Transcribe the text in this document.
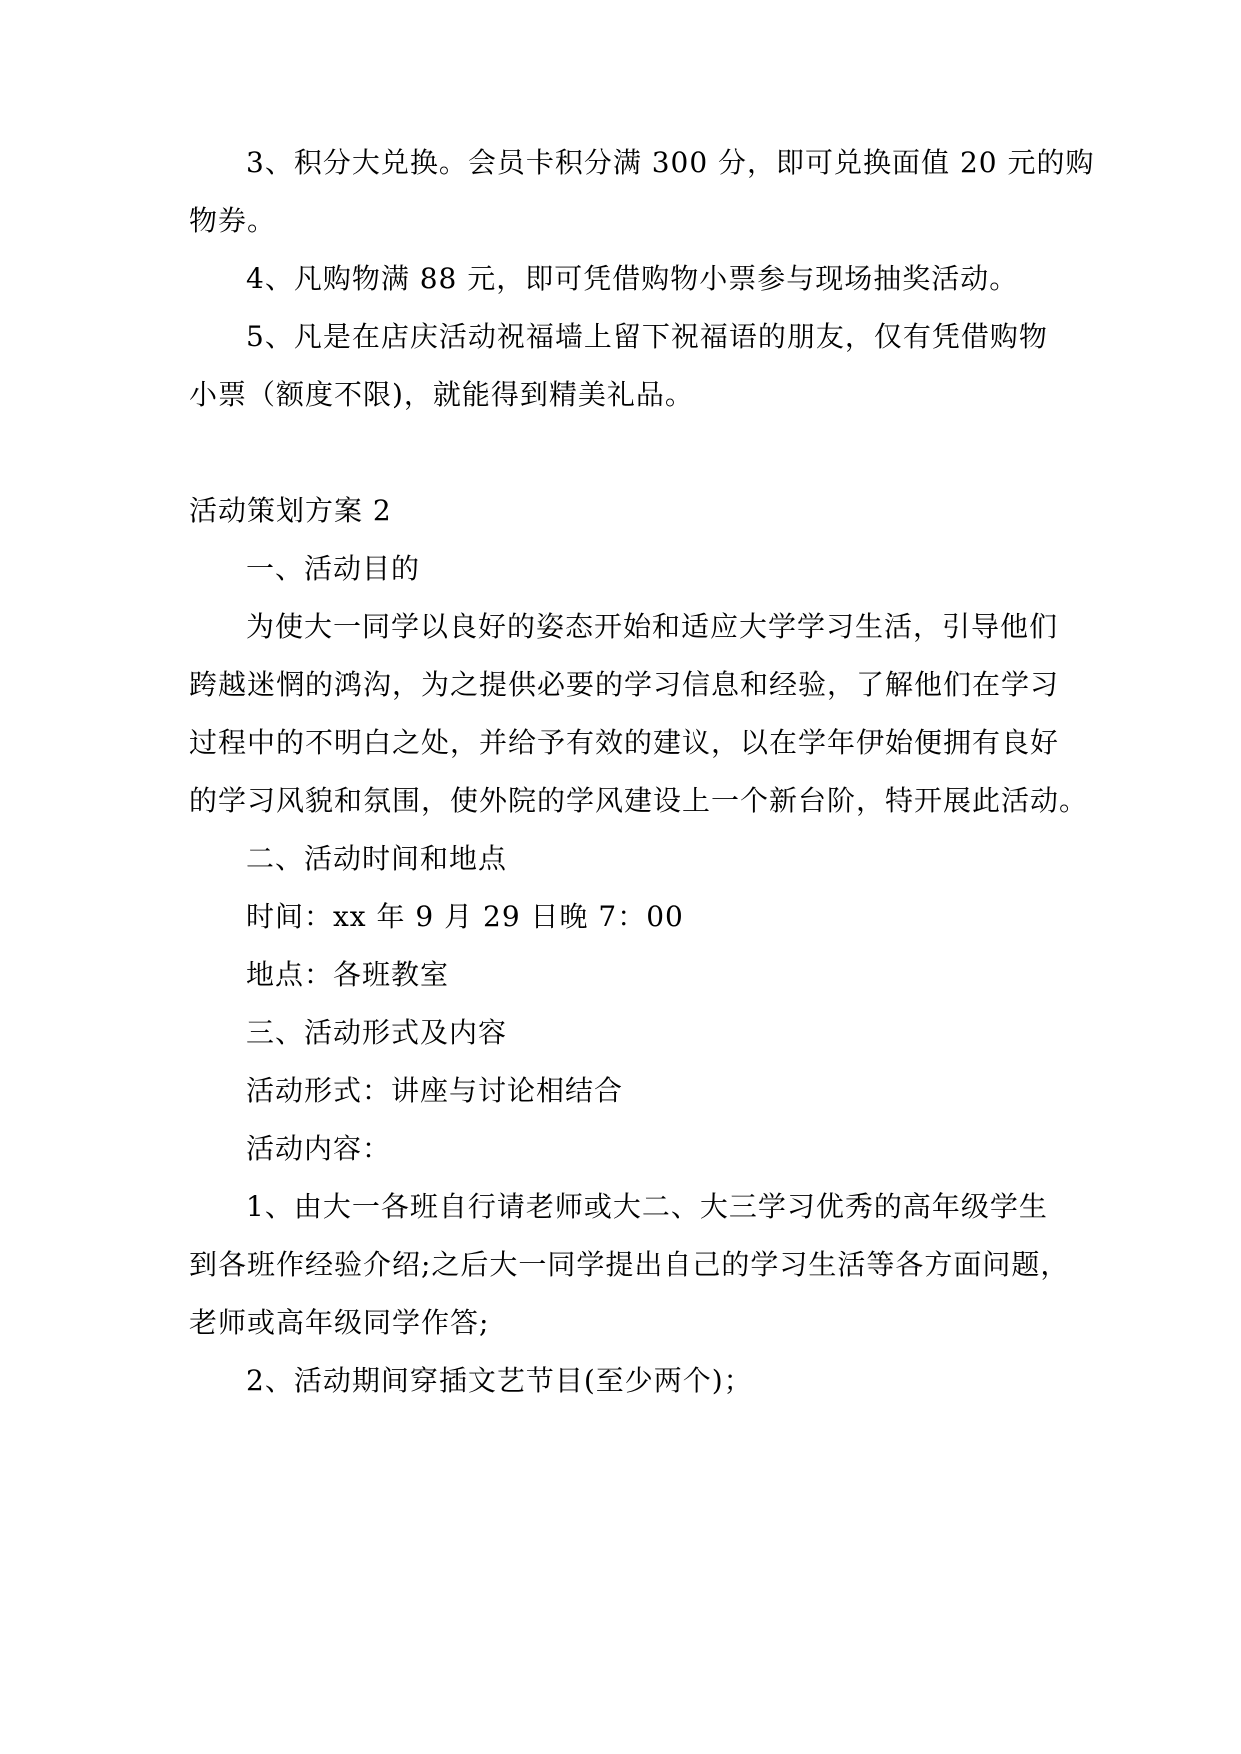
3、积分大兑换。会员卡积分满 300 分，即可兑换面值 20 元的购
物券。
4、凡购物满 88 元，即可凭借购物小票参与现场抽奖活动。
5、凡是在店庆活动祝福墙上留下祝福语的朋友，仅有凭借购物
小票（额度不限)，就能得到精美礼品。
活动策划方案 2
一、活动目的
为使大一同学以良好的姿态开始和适应大学学习生活，引导他们
跨越迷惘的鸿沟，为之提供必要的学习信息和经验，了解他们在学习
过程中的不明白之处，并给予有效的建议，以在学年伊始便拥有良好
的学习风貌和氛围，使外院的学风建设上一个新台阶，特开展此活动。
二、活动时间和地点
时间：xx 年 9 月 29 日晚 7：00
地点：各班教室
三、活动形式及内容
活动形式：讲座与讨论相结合
活动内容：
1、由大一各班自行请老师或大二、大三学习优秀的高年级学生
到各班作经验介绍;之后大一同学提出自己的学习生活等各方面问题，
老师或高年级同学作答;
2、活动期间穿插文艺节目(至少两个)；
